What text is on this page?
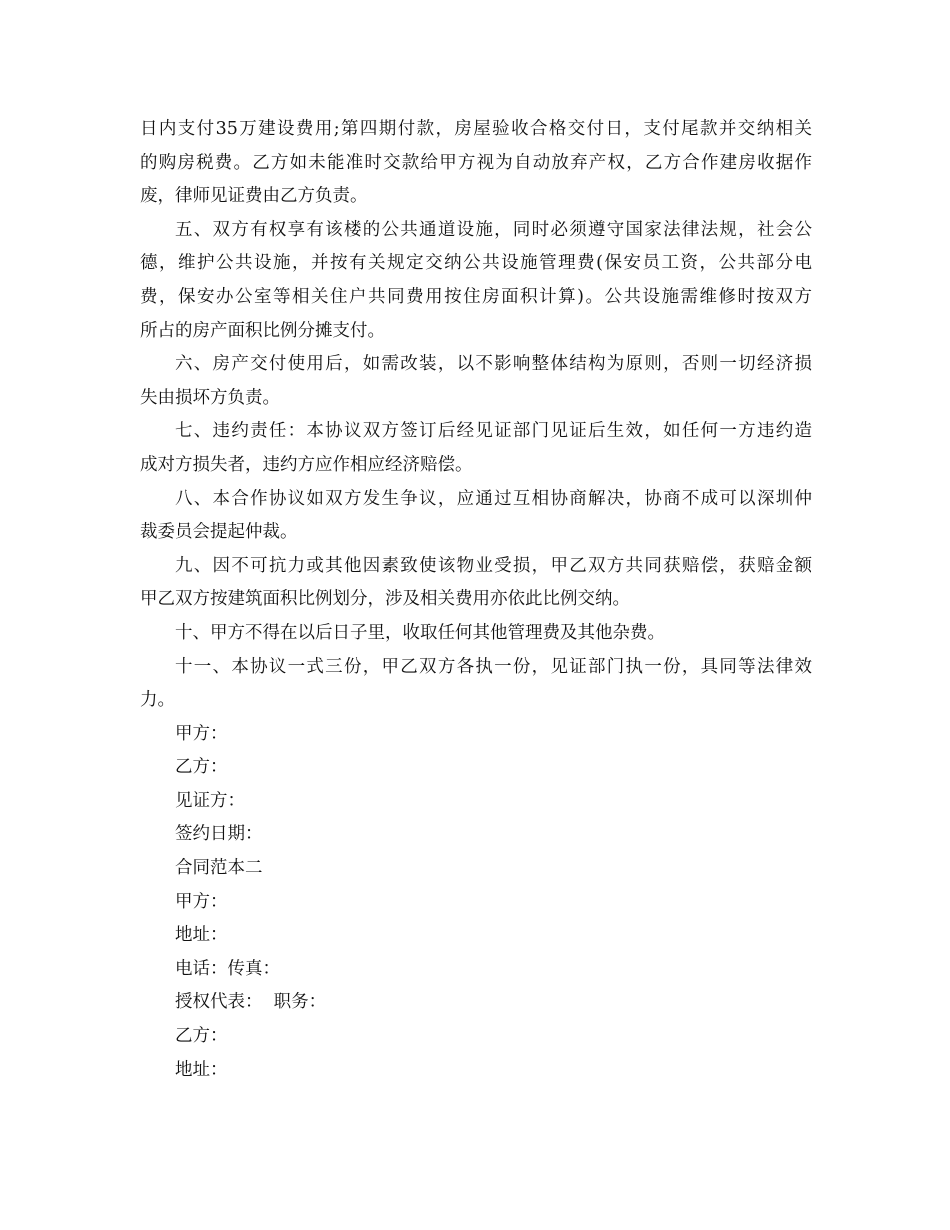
日内支付35万建设费用;第四期付款，房屋验收合格交付日，支付尾款并交纳相关
的购房税费。乙方如未能准时交款给甲方视为自动放弃产权，乙方合作建房收据作
废，律师见证费由乙方负责。
五、双方有权享有该楼的公共通道设施，同时必须遵守国家法律法规，社会公
德，维护公共设施，并按有关规定交纳公共设施管理费(保安员工资，公共部分电
费，保安办公室等相关住户共同费用按住房面积计算)。公共设施需维修时按双方
所占的房产面积比例分摊支付。
六、房产交付使用后，如需改装，以不影响整体结构为原则，否则一切经济损
失由损坏方负责。
七、违约责任：本协议双方签订后经见证部门见证后生效，如任何一方违约造
成对方损失者，违约方应作相应经济赔偿。
八、本合作协议如双方发生争议，应通过互相协商解决，协商不成可以深圳仲
裁委员会提起仲裁。
九、因不可抗力或其他因素致使该物业受损，甲乙双方共同获赔偿，获赔金额
甲乙双方按建筑面积比例划分，涉及相关费用亦依此比例交纳。
十、甲方不得在以后日子里，收取任何其他管理费及其他杂费。
十一、本协议一式三份，甲乙双方各执一份，见证部门执一份，具同等法律效
力。
甲方：
乙方：
见证方：
签约日期：
合同范本二
甲方：
地址：
电话：传真：
授权代表：  职务：
乙方：
地址：
